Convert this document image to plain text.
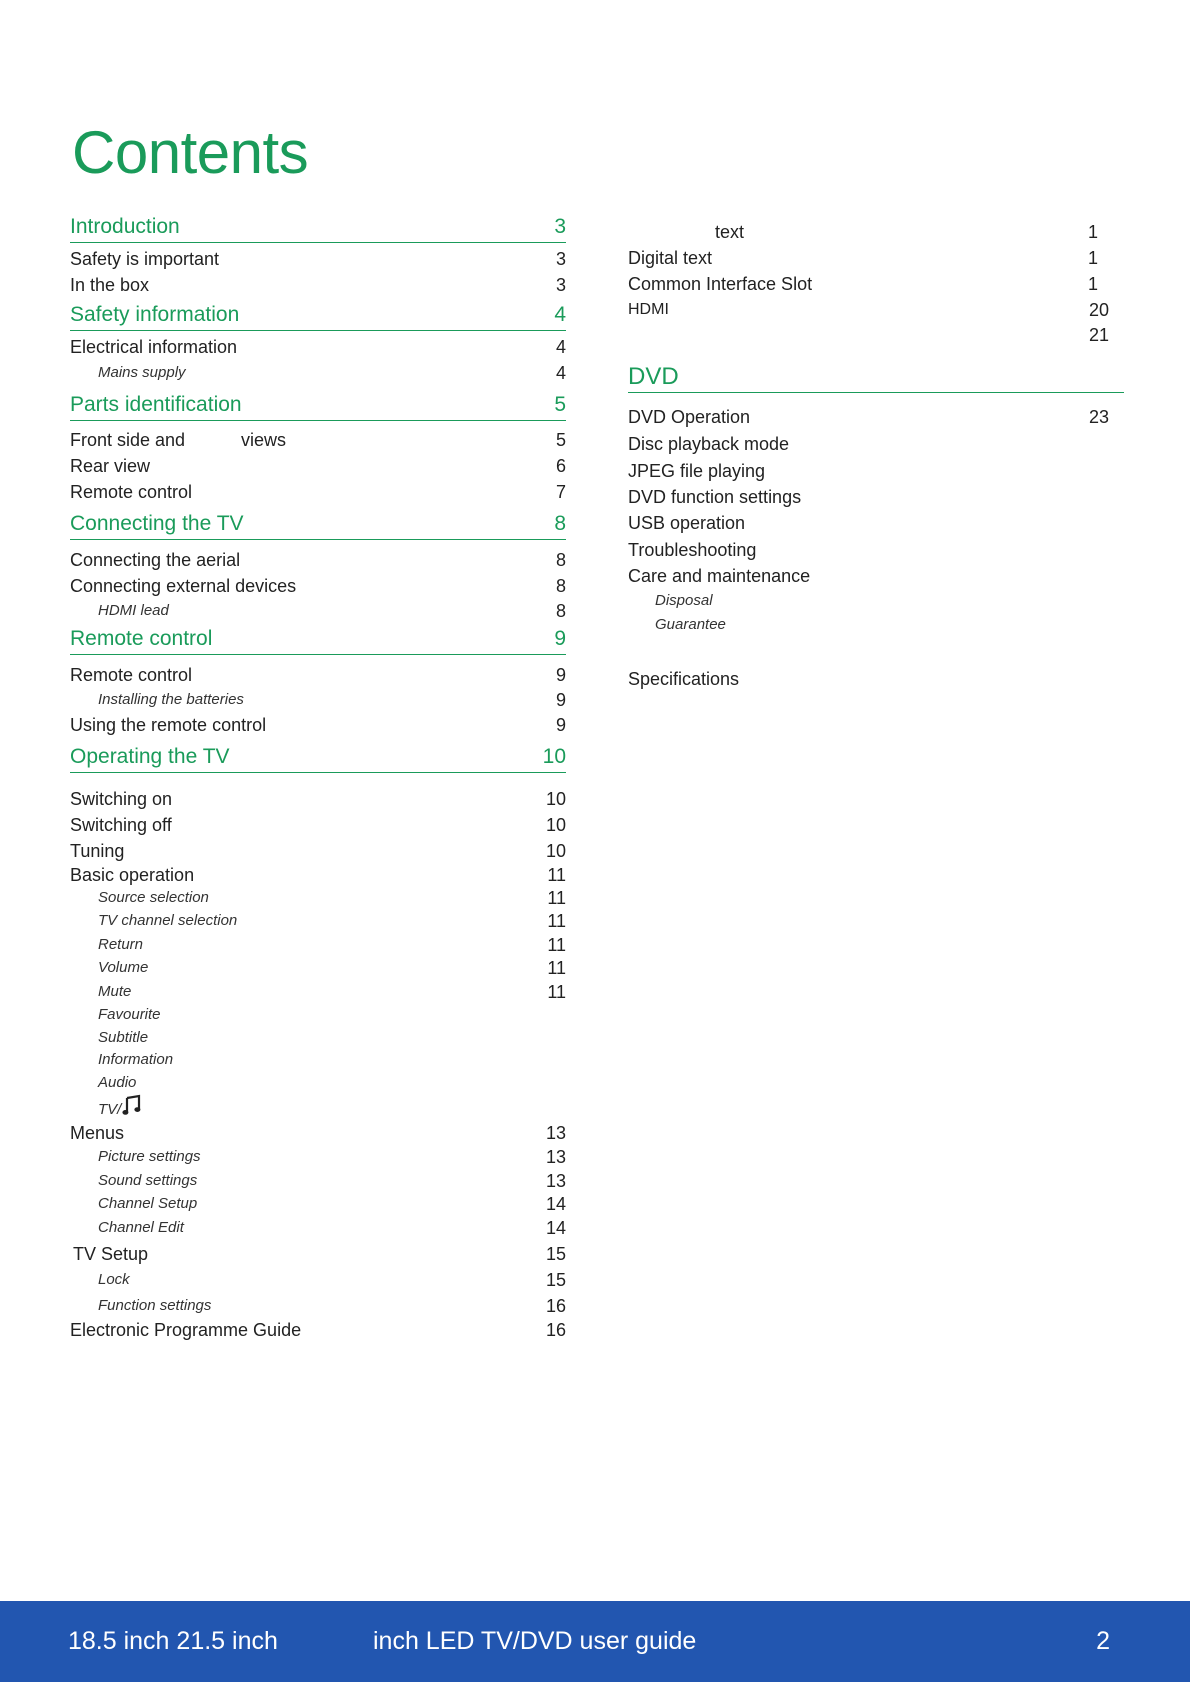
Contents
Introduction	3
Safety is important	3
In the box	3
Safety information	4
Electrical information	4
Mains supply	4
Parts identification	5
Front side and	views	5
Rear view	6
Remote control	7
Connecting the TV	8
Connecting the aerial	8
Connecting external devices	8
HDMI lead	8
Remote control	9
Remote control	9
Installing the batteries	9
Using the remote control	9
Operating the TV	10
Switching on	10
Switching off	10
Tuning	10
Basic operation	11
Source selection	11
TV channel selection	11
Return	11
Volume	11
Mute	11
Favourite
Subtitle
Information
Audio
TV/
Menus	13
Picture settings	13
Sound settings	13
Channel Setup	14
Channel Edit	14
TV Setup	15
Lock	15
Function settings	16
Electronic Programme Guide	16
text	1
Digital text	1
Common Interface Slot	1
HDMI	20
21
DVD
DVD Operation	23
Disc playback mode
JPEG file playing
DVD function settings
USB operation
Troubleshooting
Care and maintenance
Disposal
Guarantee
Specifications
18.5 inch 21.5 inch	inch LED TV/DVD user guide	2
